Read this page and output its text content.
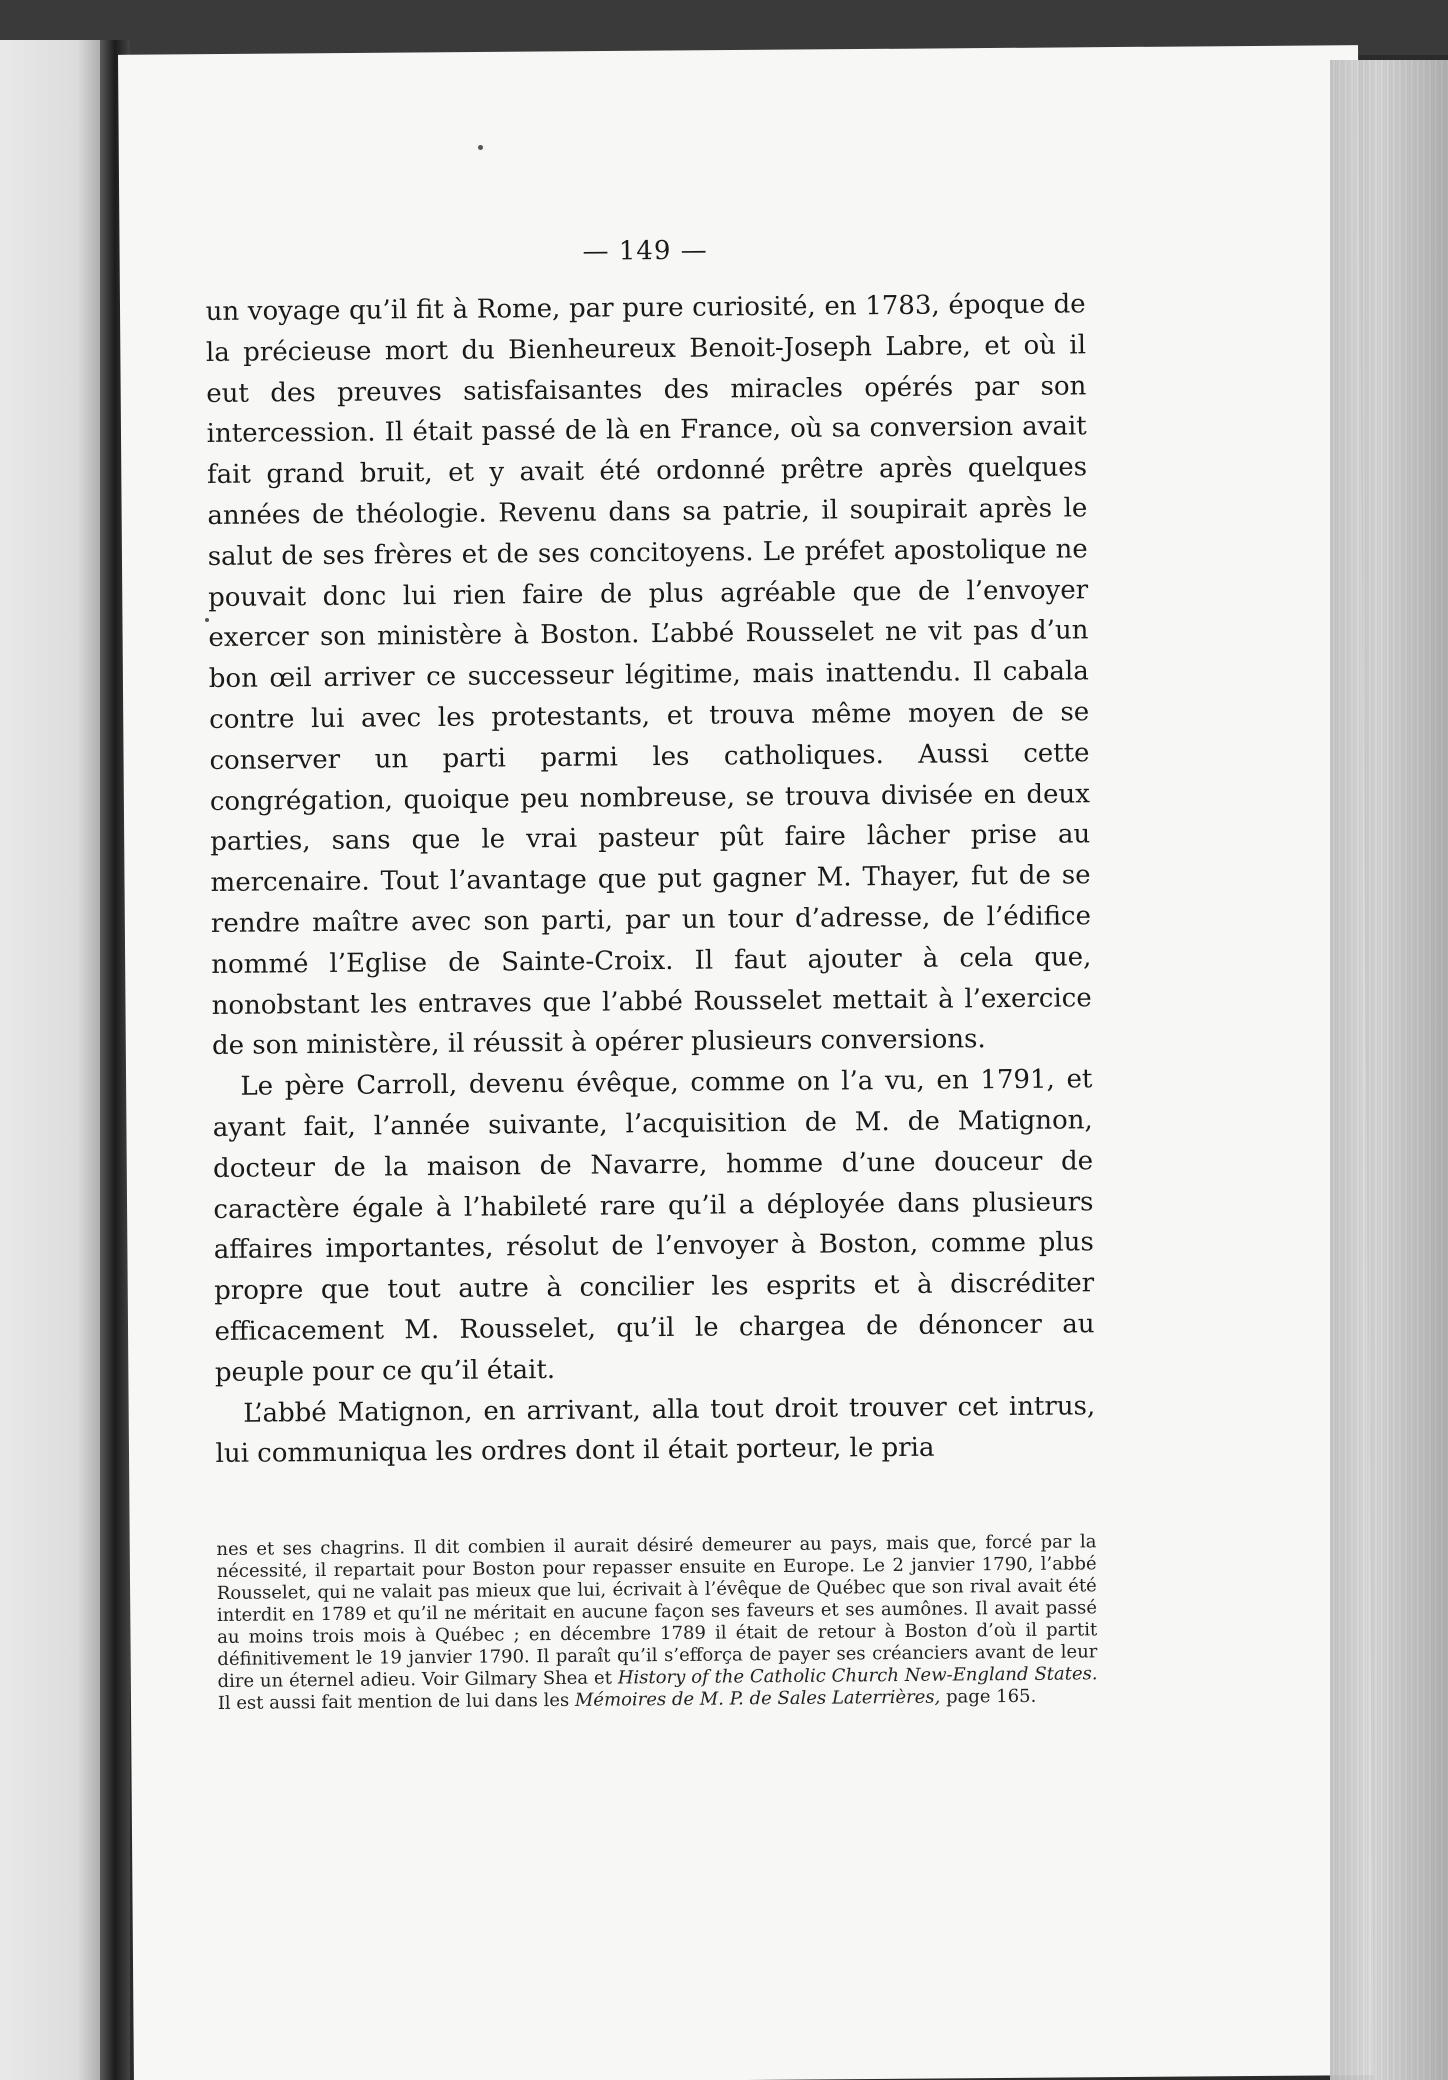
— 149 —

un voyage qu’il fit à Rome, par pure curiosité, en 1783, époque de la précieuse mort du Bienheureux Benoit-Joseph Labre, et où il eut des preuves satisfaisantes des miracles opérés par son intercession. Il était passé de là en France, où sa conversion avait fait grand bruit, et y avait été ordonné prêtre après quelques années de théologie. Revenu dans sa patrie, il soupirait après le salut de ses frères et de ses concitoyens. Le préfet apostolique ne pouvait donc lui rien faire de plus agréable que de l’envoyer exercer son ministère à Boston. L’abbé Rousselet ne vit pas d’un bon œil arriver ce successeur légitime, mais inattendu. Il cabala contre lui avec les protestants, et trouva même moyen de se conserver un parti parmi les catholiques. Aussi cette congrégation, quoique peu nombreuse, se trouva divisée en deux parties, sans que le vrai pasteur pût faire lâcher prise au mercenaire. Tout l’avantage que put gagner M. Thayer, fut de se rendre maître avec son parti, par un tour d’adresse, de l’édifice nommé l’Eglise de Sainte-Croix. Il faut ajouter à cela que, nonobstant les entraves que l’abbé Rousselet mettait à l’exercice de son ministère, il réussit à opérer plusieurs conversions.

Le père Carroll, devenu évêque, comme on l’a vu, en 1791, et ayant fait, l’année suivante, l’acquisition de M. de Matignon, docteur de la maison de Navarre, homme d’une douceur de caractère égale à l’habileté rare qu’il a déployée dans plusieurs affaires importantes, résolut de l’envoyer à Boston, comme plus propre que tout autre à concilier les esprits et à discréditer efficacement M. Rousselet, qu’il le chargea de dénoncer au peuple pour ce qu’il était.

L’abbé Matignon, en arrivant, alla tout droit trouver cet intrus, lui communiqua les ordres dont il était porteur, le pria

nes et ses chagrins. Il dit combien il aurait désiré demeurer au pays, mais que, forcé par la nécessité, il repartait pour Boston pour repasser ensuite en Europe. Le 2 janvier 1790, l’abbé Rousselet, qui ne valait pas mieux que lui, écrivait à l’évêque de Québec que son rival avait été interdit en 1789 et qu’il ne méritait en aucune façon ses faveurs et ses aumônes. Il avait passé au moins trois mois à Québec ; en décembre 1789 il était de retour à Boston d’où il partit définitivement le 19 janvier 1790. Il paraît qu’il s’efforça de payer ses créanciers avant de leur dire un éternel adieu. Voir Gilmary Shea et History of the Catholic Church New-England States. Il est aussi fait mention de lui dans les Mémoires de M. P. de Sales Laterrières, page 165.
